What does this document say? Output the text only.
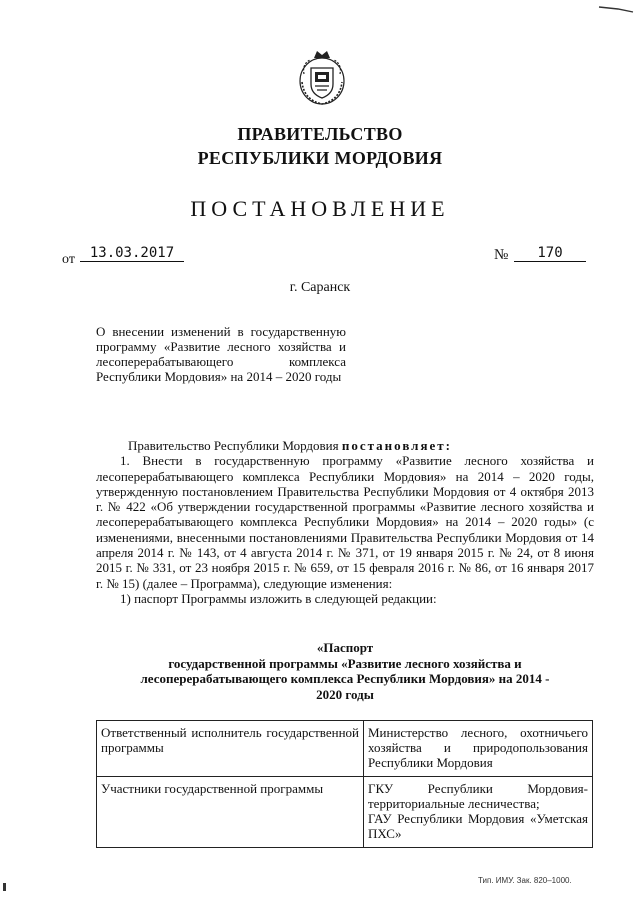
ПРАВИТЕЛЬСТВО
РЕСПУБЛИКИ МОРДОВИЯ
ПОСТАНОВЛЕНИЕ
от	13.03.2017	№	170
г. Саранск
О внесении изменений в государственную программу «Развитие лесного хозяйства и лесоперерабатывающего комплекса Республики Мордовия» на 2014 – 2020 годы

Правительство Республики Мордовия постановляет:

1. Внести в государственную программу «Развитие лесного хозяйства и лесоперерабатывающего комплекса Республики Мордовия» на 2014 – 2020 годы, утвержденную постановлением Правительства Республики Мордовия от 4 октября 2013 г. № 422 «Об утверждении государственной программы «Развитие лесного хозяйства и лесоперерабатывающего комплекса Республики Мордовия» на 2014 – 2020 годы» (с изменениями, внесенными постановлениями Правительства Республики Мордовия от 14 апреля 2014 г. № 143, от 4 августа 2014 г. № 371, от 19 января 2015 г. № 24, от 8 июня 2015 г. № 331, от 23 ноября 2015 г. № 659, от 15 февраля 2016 г. № 86, от 16 января 2017 г. № 15) (далее – Программа), следующие изменения:

1) паспорт Программы изложить в следующей редакции:

«Паспорт
государственной программы «Развитие лесного хозяйства и
лесоперерабатывающего комплекса Республики Мордовия» на 2014 -
2020 годы
Ответственный исполнитель государственной программы	Министерство лесного, охотничьего хозяйства и природопользования Республики Мордовия

Участники государственной программы	ГКУ Республики Мордовия-территориальные лесничества;
ГАУ Республики Мордовия «Уметская ПХС»
Тип. ИМУ. Зак. 820–1000.
